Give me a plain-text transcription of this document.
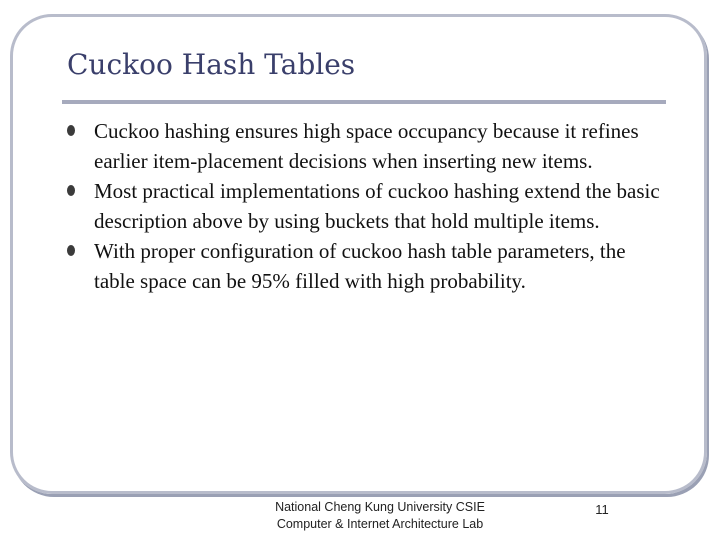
Cuckoo Hash Tables
Cuckoo hashing ensures high space occupancy because it refines earlier item-placement decisions when inserting new items.
Most practical implementations of cuckoo hashing extend the basic description above by using buckets that hold multiple items.
With proper configuration of cuckoo hash table parameters, the table space can be 95% filled with high probability.
National Cheng Kung University CSIE
Computer & Internet Architecture Lab
11
